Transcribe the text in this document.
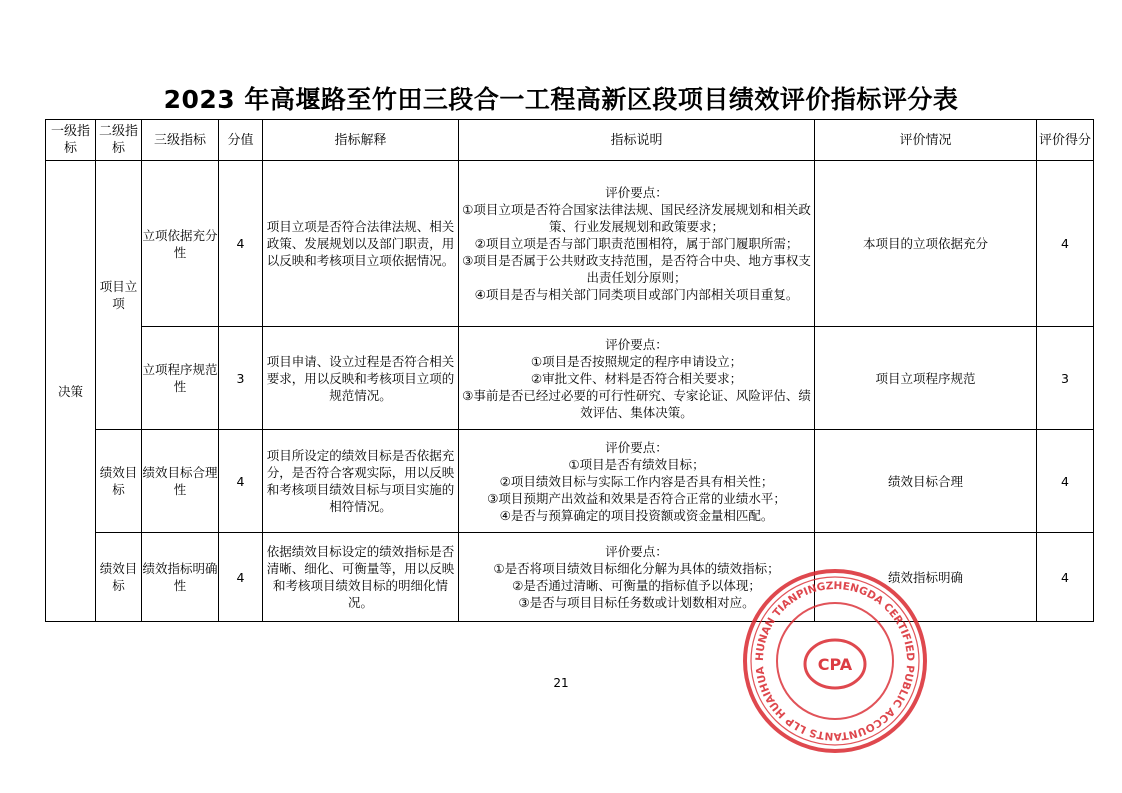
2023 年高堰路至竹田三段合一工程高新区段项目绩效评价指标评分表
一级指标	二级指标	三级指标	分值	指标解释	指标说明	评价情况	评价得分
决策	项目立项	立项依据充分性	4	项目立项是否符合法律法规、相关政策、发展规划以及部门职责，用以反映和考核项目立项依据情况。	评价要点：
①项目立项是否符合国家法律法规、国民经济发展规划和相关政策、行业发展规划和政策要求；
②项目立项是否与部门职责范围相符，属于部门履职所需；
③项目是否属于公共财政支持范围，是否符合中央、地方事权支出责任划分原则；
④项目是否与相关部门同类项目或部门内部相关项目重复。	本项目的立项依据充分	4
		立项程序规范性	3	项目申请、设立过程是否符合相关要求，用以反映和考核项目立项的规范情况。	评价要点：
①项目是否按照规定的程序申请设立；
②审批文件、材料是否符合相关要求；
③事前是否已经过必要的可行性研究、专家论证、风险评估、绩效评估、集体决策。	项目立项程序规范	3
	绩效目标	绩效目标合理性	4	项目所设定的绩效目标是否依据充分，是否符合客观实际，用以反映和考核项目绩效目标与项目实施的相符情况。	评价要点：
①项目是否有绩效目标；
②项目绩效目标与实际工作内容是否具有相关性；
③项目预期产出效益和效果是否符合正常的业绩水平；
④是否与预算确定的项目投资额或资金量相匹配。	绩效目标合理	4
	绩效目标	绩效指标明确性	4	依据绩效目标设定的绩效指标是否清晰、细化、可衡量等，用以反映和考核项目绩效目标的明细化情况。	评价要点：
①是否将项目绩效目标细化分解为具体的绩效指标；
②是否通过清晰、可衡量的指标值予以体现；
③是否与项目目标任务数或计划数相对应。	绩效指标明确	4
21
HUNAN TIANPINGZHENGDA CERTIFIED PUBLIC ACCOUNTANTS LLP HUAIHUA	CPA
